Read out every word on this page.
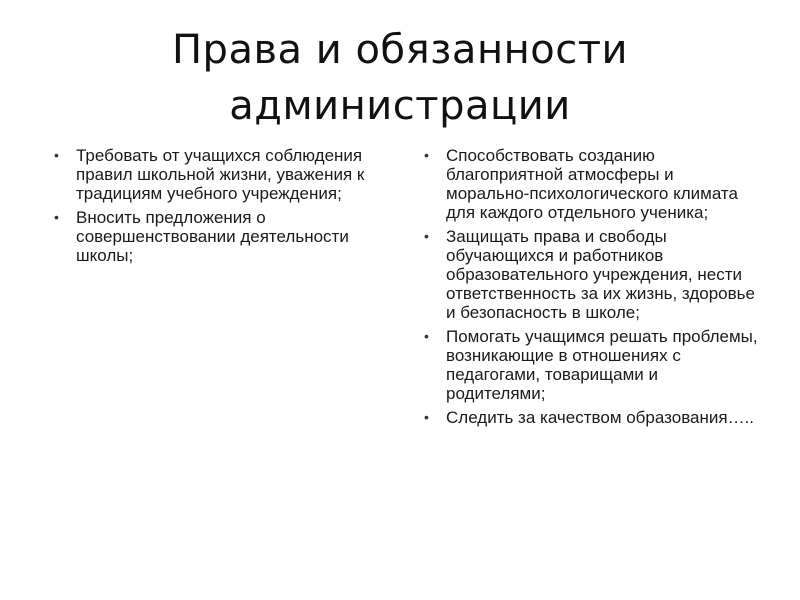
Права и обязанности
администрации
• Требовать от учащихся соблюдения правил школьной жизни, уважения к традициям учебного учреждения;
• Вносить предложения о совершенствовании деятельности школы;
• Способствовать созданию благоприятной атмосферы и морально-психологического климата для каждого отдельного ученика;
• Защищать права и свободы обучающихся и работников образовательного учреждения, нести ответственность за их жизнь, здоровье и безопасность в школе;
• Помогать учащимся решать проблемы, возникающие в отношениях с педагогами, товарищами и родителями;
• Следить за качеством образования…..
